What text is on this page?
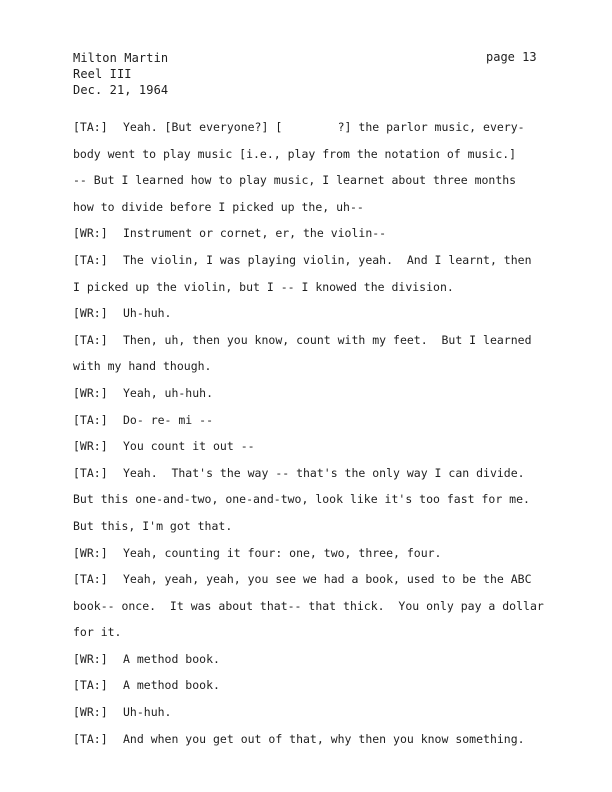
Milton Martin
Reel III
Dec. 21, 1964
page 13
[TA:] Yeah. [But everyone?] [        ?] the parlor music, every-
body went to play music [i.e., play from the notation of music.]
-- But I learned how to play music, I learnet about three months
how to divide before I picked up the, uh--
[WR:] Instrument or cornet, er, the violin--
[TA:] The violin, I was playing violin, yeah.  And I learnt, then
I picked up the violin, but I -- I knowed the division.
[WR:] Uh-huh.
[TA:] Then, uh, then you know, count with my feet.  But I learned
with my hand though.
[WR:] Yeah, uh-huh.
[TA:] Do- re- mi --
[WR:] You count it out --
[TA:] Yeah.  That's the way -- that's the only way I can divide.
But this one-and-two, one-and-two, look like it's too fast for me.
But this, I'm got that.
[WR:] Yeah, counting it four: one, two, three, four.
[TA:] Yeah, yeah, yeah, you see we had a book, used to be the ABC
book-- once.  It was about that-- that thick.  You only pay a dollar
for it.
[WR:] A method book.
[TA:] A method book.
[WR:] Uh-huh.
[TA:] And when you get out of that, why then you know something.
